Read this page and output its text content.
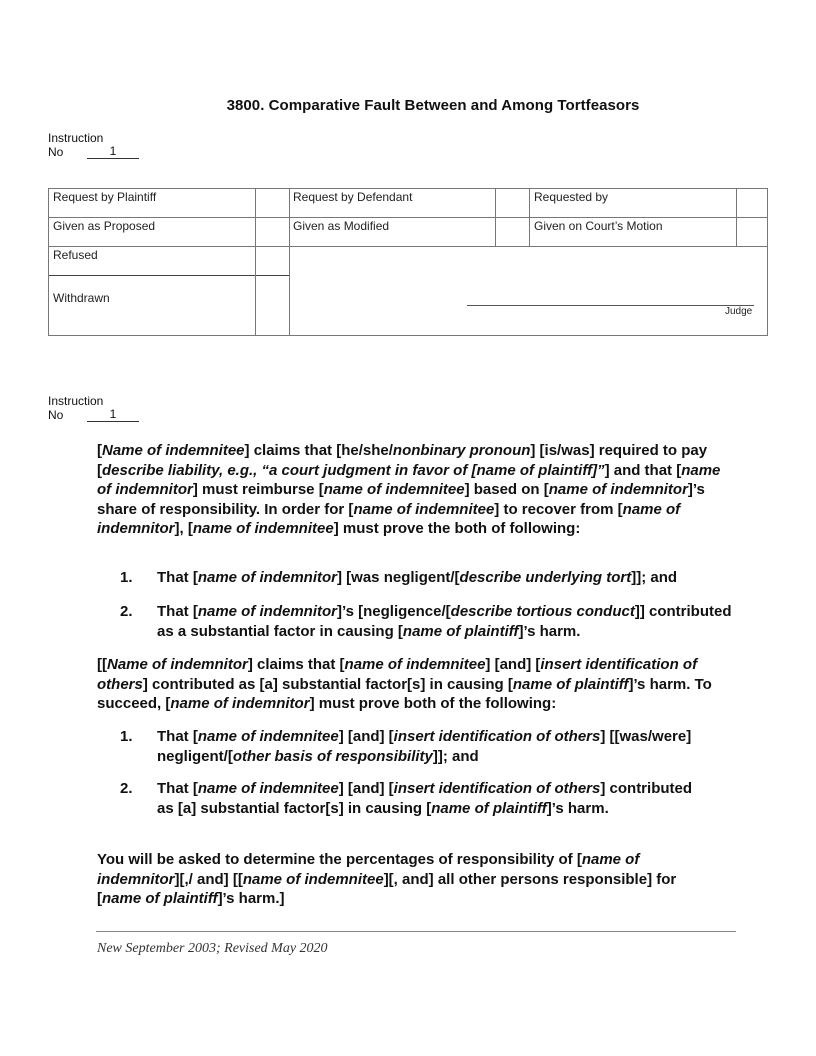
3800. Comparative Fault Between and Among Tortfeasors
Instruction
No	1
Request by Plaintiff	Request by Defendant	Requested by
Given as Proposed	Given as Modified	Given on Court’s Motion
Refused
Withdrawn
Judge
Instruction
No	1
[Name of indemnitee] claims that [he/she/nonbinary pronoun] [is/was] required to pay [describe liability, e.g., “a court judgment in favor of [name of plaintiff]”] and that [name of indemnitor] must reimburse [name of indemnitee] based on [name of indemnitor]’s share of responsibility. In order for [name of indemnitee] to recover from [name of indemnitor], [name of indemnitee] must prove the both of following:
1. That [name of indemnitor] [was negligent/[describe underlying tort]]; and
2. That [name of indemnitor]’s [negligence/[describe tortious conduct]] contributed as a substantial factor in causing [name of plaintiff]’s harm.
[[Name of indemnitor] claims that [name of indemnitee] [and] [insert identification of others] contributed as [a] substantial factor[s] in causing [name of plaintiff]’s harm. To succeed, [name of indemnitor] must prove both of the following:
1. That [name of indemnitee] [and] [insert identification of others] [[was/were] negligent/[other basis of responsibility]]; and
2. That [name of indemnitee] [and] [insert identification of others] contributed as [a] substantial factor[s] in causing [name of plaintiff]’s harm.
You will be asked to determine the percentages of responsibility of [name of indemnitor][,/ and] [[name of indemnitee][, and] all other persons responsible] for [name of plaintiff]’s harm.]
New September 2003; Revised May 2020
